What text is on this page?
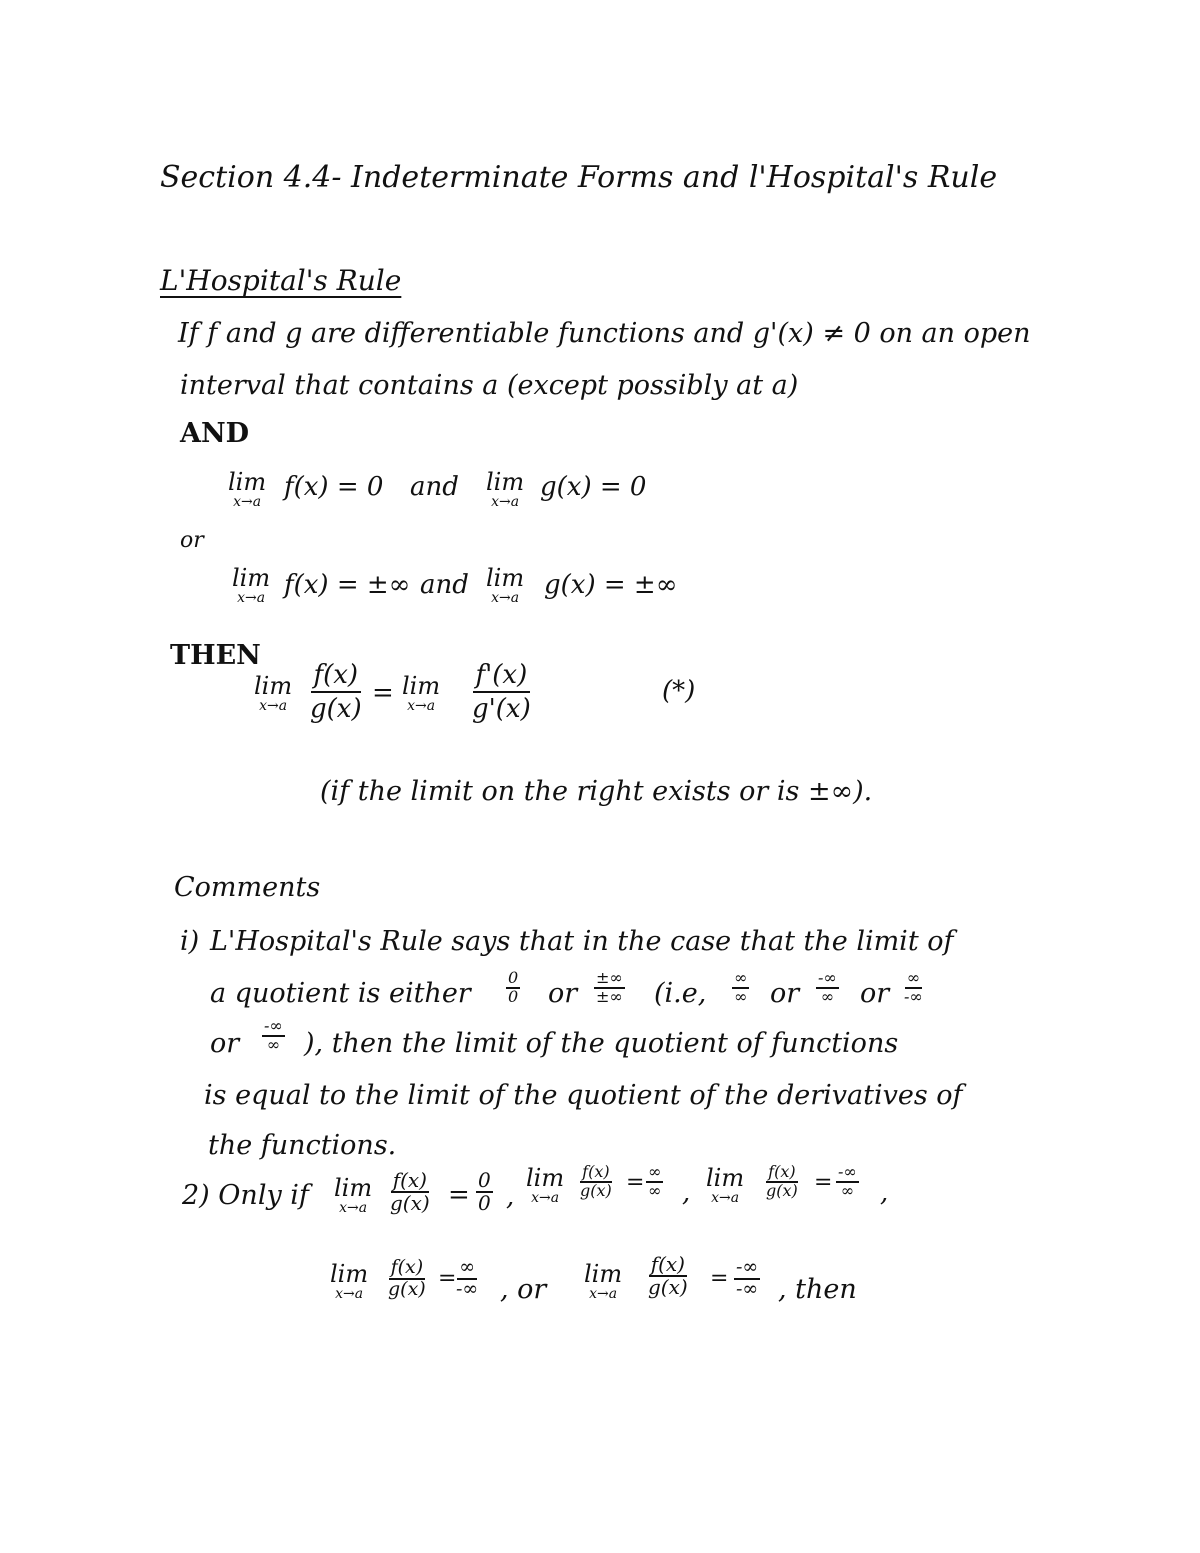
Section 4.4- Indeterminate Forms and l'Hospital's Rule
L'Hospital's Rule
If f and g are differentiable functions and g'(x) ≠ 0 on an open
interval that contains a (except possibly at a)
AND
lim
x→a
f(x) = 0 and lim
x→a
g(x) = 0
or
lim
x→a f(x) = ±∞ and lim
x→a g(x) = ±∞
THEN
lim
$x\to a \frac{f(x)}{g(x)} = \lim$
$x\to a \frac{f'(x)}{g'(x)}$	(*)
(if the limit on the right exists or is ±∞).
Comments
i) L'Hospital's Rule says that in the case that the limit of
a quotient is either $\frac{0}{0}$ or
±∞
±∞ (i.e,
∞
∞ or
-∞
∞ or
∞
-∞
or
-∞
∞ ), then the limit of the quotient of functions
is equal to the limit of the quotient of the derivatives of
the functions.
2) Only if lim
$x\to a \frac{f(x)}{g(x)} = \frac{0}{0}$ ,
lim
$x\to a \frac{f(x)}{g(x)}$ = ∞
∞ , lim
$x\to a \frac{f(x)}{g(x)}$ = -∞
∞ ,
lim
$x\to a \frac{f(x)}{g(x)}$ = ∞
-∞ , or lim
$x\to a \frac{f(x)}{g(x)}$ = -∞
-∞ , then
